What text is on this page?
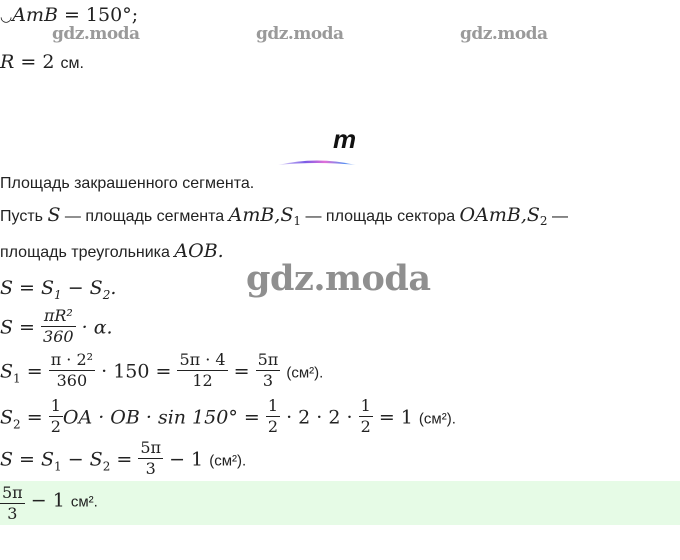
◡AmB = 150°;
gdz.moda	gdz.moda	gdz.moda
R = 2 см.
m
Площадь закрашенного сегмента.
Пусть S — площадь сегмента $AmB,S_1$ — площадь сектора $OAmB,S_2$ —
площадь треугольника AOB.
$S = S_1 - S_2$.	gdz.moda
$S = \frac{\text{πR²}}{360} \cdot \alpha$.
$S_1 = \frac{\text{π · 2²}}{360} \cdot 150 = \frac{5\pi \cdot 4}{12} = \frac{5\pi}{3} (см^2)$.
$S_2 = \frac{1}{2}$ OA · OB · $\sin 150^\circ = \frac{1}{2} \cdot 2 \cdot 2 \cdot \frac{1}{2} = 1$ (см²).
$S = S_1 - S_2 = \frac{5\pi}{3} - 1$ (см²).
$\frac{5\pi}{3} - 1$ см².
